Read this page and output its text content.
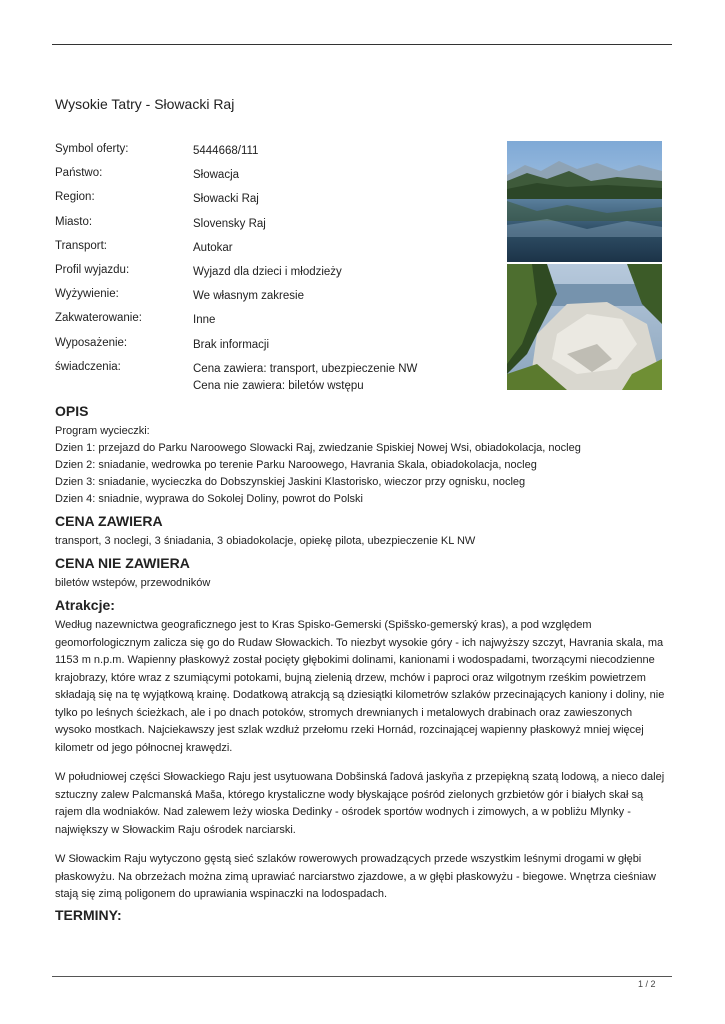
Wysokie Tatry - Słowacki Raj
Symbol oferty:	5444668/111
Państwo:	Słowacja
Region:	Słowacki Raj
Miasto:	Slovensky Raj
Transport:	Autokar
Profil wyjazdu:	Wyjazd dla dzieci i młodzieży
Wyżywienie:	We własnym zakresie
Zakwaterowanie:	Inne
Wyposażenie:	Brak informacji
świadczenia:	Cena zawiera: transport, ubezpieczenie NW
Cena nie zawiera: biletów wstępu
OPIS

Program wycieczki:

Dzien 1: przejazd do Parku Naroowego Slowacki Raj, zwiedzanie Spiskiej Nowej Wsi, obiadokolacja, nocleg

Dzien 2: sniadanie, wedrowka po terenie Parku Naroowego, Havrania Skala, obiadokolacja, nocleg

Dzien 3: sniadanie, wycieczka do Dobszynskiej Jaskini Klastorisko, wieczor przy ognisku, nocleg

Dzien 4: sniadnie, wyprawa do Sokolej Doliny, powrot do Polski

CENA ZAWIERA

transport, 3 noclegi, 3 śniadania, 3 obiadokolacje, opiekę pilota, ubezpieczenie KL NW

CENA NIE ZAWIERA

biletów wstepów, przewodników

Atrakcje:

Według nazewnictwa geograficznego jest to Kras Spisko-Gemerski (Spišsko-gemerský kras), a pod względem geomorfologicznym zalicza się go do Rudaw Słowackich. To niezbyt wysokie góry - ich najwyższy szczyt, Havrania skala, ma 1153 m n.p.m. Wapienny płaskowyż został pocięty głębokimi dolinami, kanionami i wodospadami, tworzącymi niecodzienne krajobrazy, które wraz z szumiącymi potokami, bujną zielenią drzew, mchów i paproci oraz wilgotnym rześkim powietrzem składają się na tę wyjątkową krainę. Dodatkową atrakcją są dziesiątki kilometrów szlaków przecinających kaniony i doliny, nie tylko po leśnych ścieżkach, ale i po dnach potoków, stromych drewnianych i metalowych drabinach oraz zawieszonych wysoko mostkach. Najciekawszy jest szlak wzdłuż przełomu rzeki Hornád, rozcinającej wapienny płaskowyż mniej więcej kilometr od jego północnej krawędzi.

W południowej części Słowackiego Raju jest usytuowana Dobšinská ľadová jaskyňa z przepiękną szatą lodową, a nieco dalej sztuczny zalew Palcmanská Maša, którego krystaliczne wody błyskające pośród zielonych grzbietów gór i białych skał są rajem dla wodniaków. Nad zalewem leży wioska Dedinky - ośrodek sportów wodnych i zimowych, a w pobliżu Mlynky - największy w Słowackim Raju ośrodek narciarski.

W Słowackim Raju wytyczono gęstą sieć szlaków rowerowych prowadzących przede wszystkim leśnymi drogami w głębi płaskowyżu. Na obrzeżach można zimą uprawiać narciarstwo zjazdowe, a w głębi płaskowyżu - biegowe. Wnętrza cieśniaw stają się zimą poligonem do uprawiania wspinaczki na lodospadach.

TERMINY:
1 / 2
